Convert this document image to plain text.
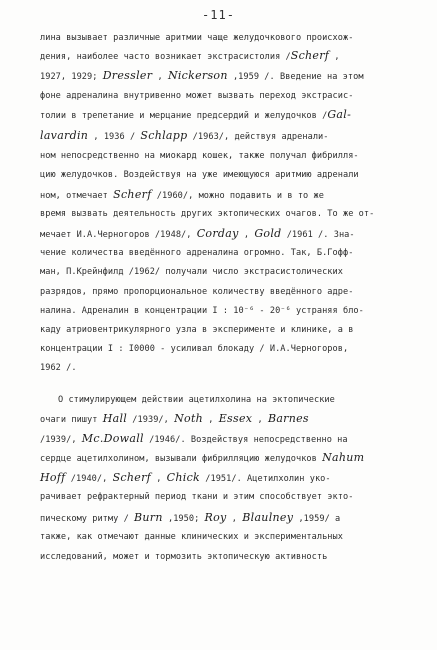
-11-
лина вызывает различные аритмии чаще желудочкового происхож-
дения, наиболее часто возникает экстрасистолия /Scherf ,
1927, 1929; Dressler , Nickerson ,1959 /. Введение на этом
фоне адреналина внутривенно может вызвать переход экстрасис-
толии в трепетание и мерцание предсердий и желудочков /Gal-
lavardin , 1936 / Schlapp /1963/, действуя адренали-
ном непосредственно на миокард кошек, также получал фибрилля-
цию желудочков. Воздействуя на уже имеющуюся аритмию адренали
ном, отмечает Scherf /1960/, можно подавить и в то же
время вызвать деятельность других эктопических очагов. То же от-
мечает И.А.Черногоров /1948/, Corday , Gold /1961 /. Зна-
чение количества введённого адреналина огромно. Так, Б.Гофф-
ман, П.Крейнфилд /1962/ получали число экстрасистолических
разрядов, прямо пропорциональное количеству введённого адре-
налина. Адреналин в концентрации I : 10⁻⁶ - 20⁻⁶ устраняя бло-
каду атриовентрикулярного узла в эксперименте и клинике, а в
концентрации I : I0000 - усиливал блокаду / И.А.Черногоров,
1962 /.
О стимулирующем действии ацетилхолина на эктопические
очаги пишут Hall /1939/, Noth , Essex , Barnes
/1939/, Mc.Dowall /1946/. Воздействуя непосредственно на
сердце ацетилхолином, вызывали фибрилляцию желудочков Nahum
Hoff /1940/, Scherf , Chick /1951/. Ацетилхолин уко-
рачивает рефрактерный период ткани и этим способствует экто-
пическому ритму / Burn ,1950; Roy , Blaulney ,1959/ а
также, как отмечают данные клинических и экспериментальных
исследований, может и тормозить эктопическую активность
